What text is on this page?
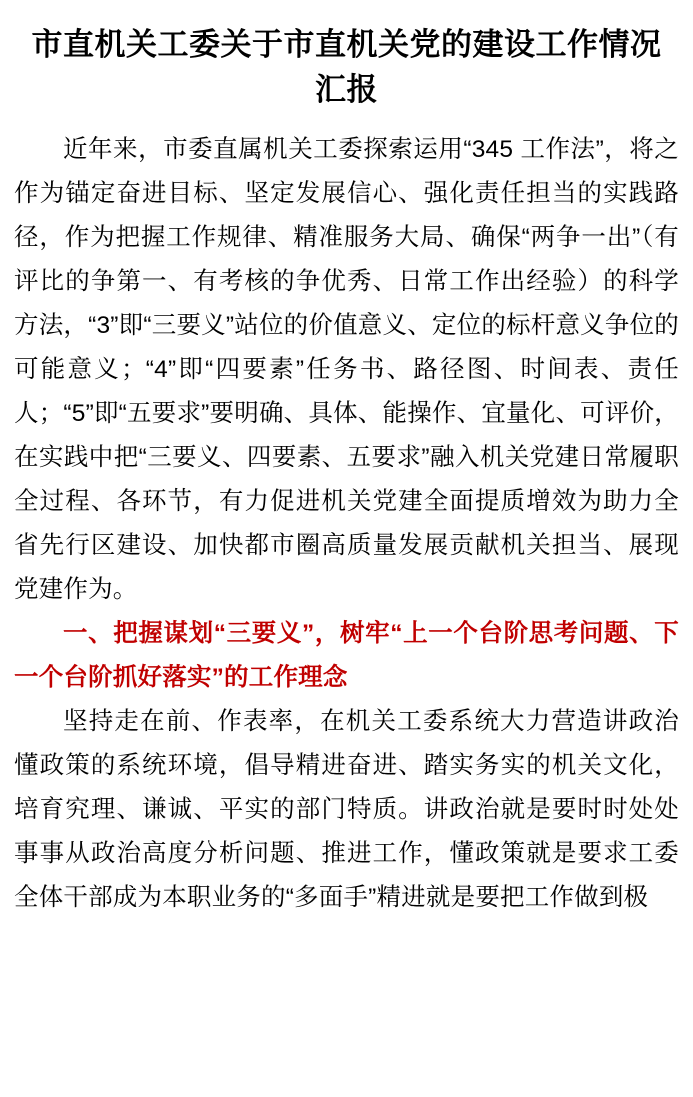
市直机关工委关于市直机关党的建设工作情况汇报

近年来，市委直属机关工委探索运用“345 工作法”，将之作为锚定奋进目标、坚定发展信心、强化责任担当的实践路径，作为把握工作规律、精准服务大局、确保“两争一出”（有评比的争第一、有考核的争优秀、日常工作出经验）的科学方法，“3”即“三要义”站位的价值意义、定位的标杆意义争位的可能意义；“4”即“四要素”任务书、路径图、时间表、责任人；“5”即“五要求”要明确、具体、能操作、宜量化、可评价，在实践中把“三要义、四要素、五要求”融入机关党建日常履职全过程、各环节，有力促进机关党建全面提质增效为助力全省先行区建设、加快都市圈高质量发展贡献机关担当、展现党建作为。

一、把握谋划“三要义”，树牢“上一个台阶思考问题、下一个台阶抓好落实”的工作理念

坚持走在前、作表率，在机关工委系统大力营造讲政治懂政策的系统环境，倡导精进奋进、踏实务实的机关文化，培育究理、谦诚、平实的部门特质。讲政治就是要时时处处事事从政治高度分析问题、推进工作，懂政策就是要求工委全体干部成为本职业务的“多面手”精进就是要把工作做到极
